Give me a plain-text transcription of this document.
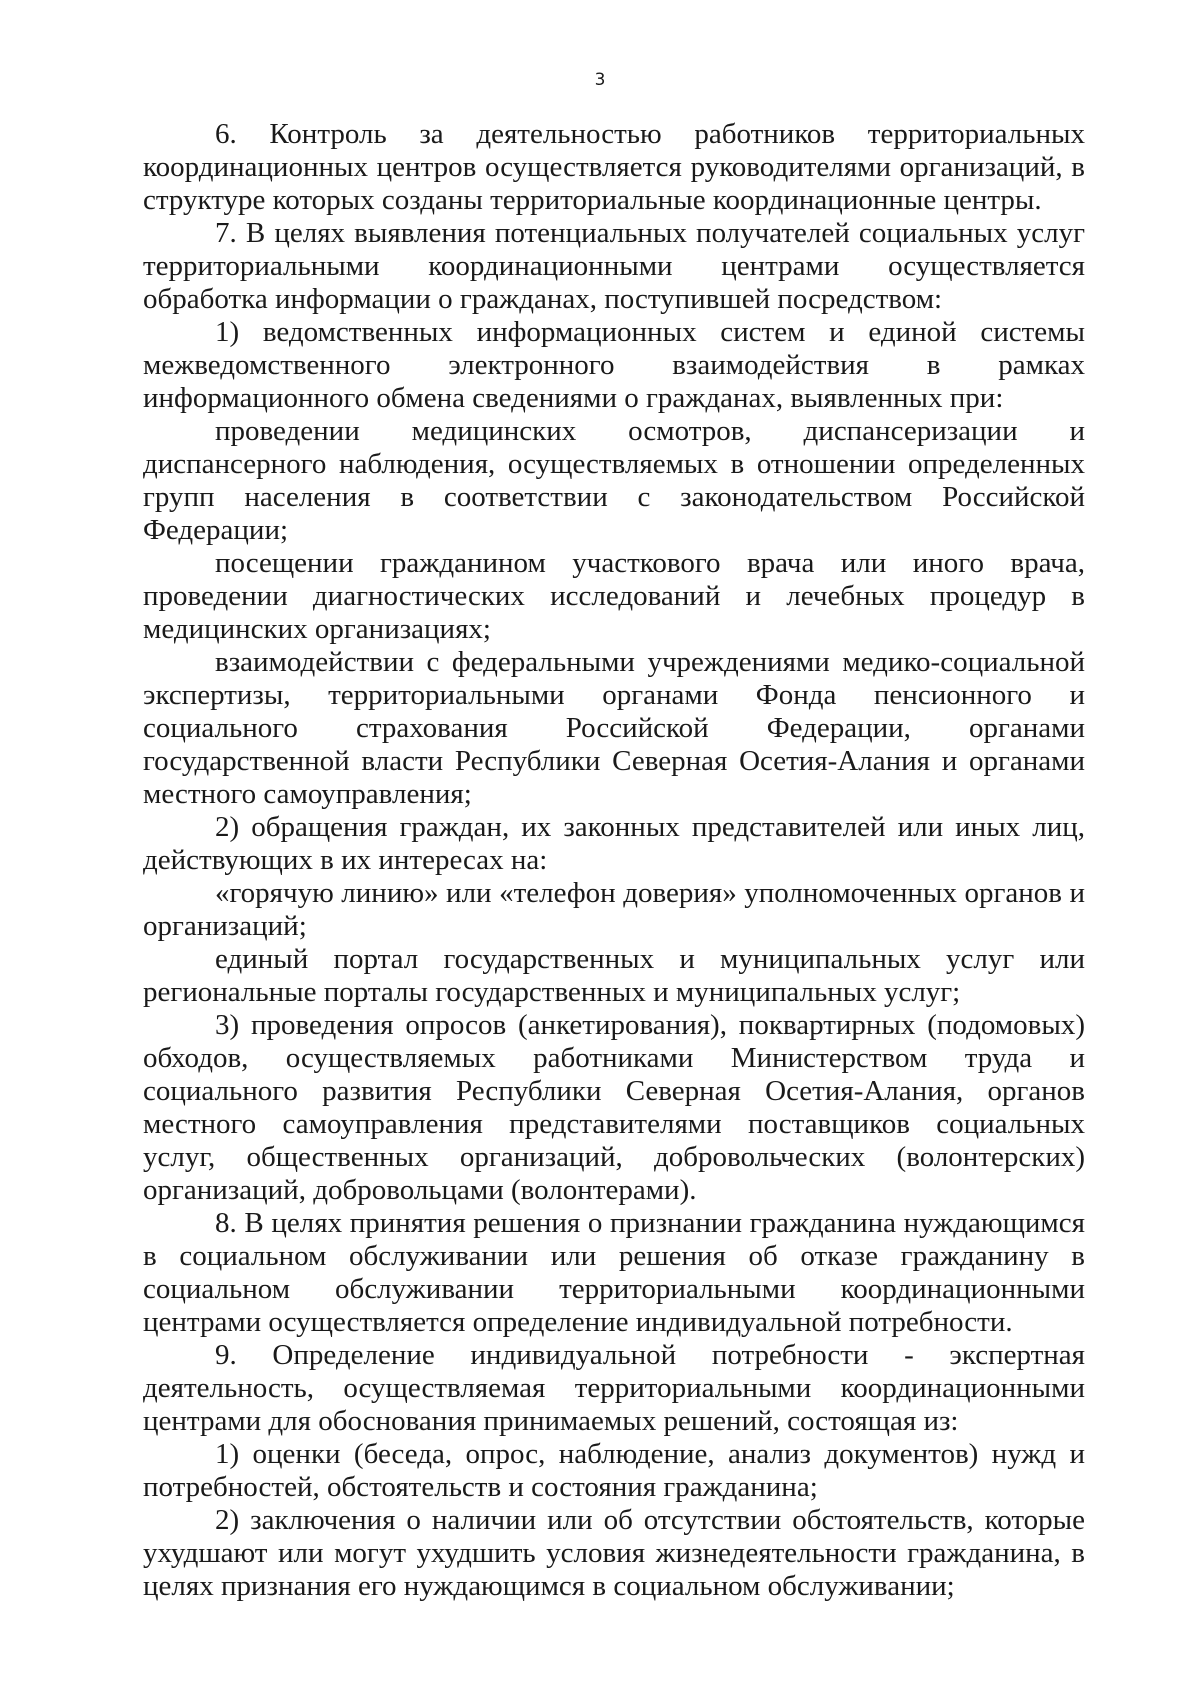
3

6. Контроль за деятельностью работников территориальных координационных центров осуществляется руководителями организаций, в структуре которых созданы территориальные координационные центры.

7. В целях выявления потенциальных получателей социальных услуг территориальными координационными центрами осуществляется обработка информации о гражданах, поступившей посредством:

1) ведомственных информационных систем и единой системы межведомственного электронного взаимодействия в рамках информационного обмена сведениями о гражданах, выявленных при:

проведении медицинских осмотров, диспансеризации и диспансерного наблюдения, осуществляемых в отношении определенных групп населения в соответствии с законодательством Российской Федерации;

посещении гражданином участкового врача или иного врача, проведении диагностических исследований и лечебных процедур в медицинских организациях;

взаимодействии с федеральными учреждениями медико-социальной экспертизы, территориальными органами Фонда пенсионного и социального страхования Российской Федерации, органами государственной власти Республики Северная Осетия-Алания и органами местного самоуправления;

2) обращения граждан, их законных представителей или иных лиц, действующих в их интересах на:

«горячую линию» или «телефон доверия» уполномоченных органов и организаций;

единый портал государственных и муниципальных услуг или региональные порталы государственных и муниципальных услуг;

3) проведения опросов (анкетирования), поквартирных (подомовых) обходов, осуществляемых работниками Министерством труда и социального развития Республики Северная Осетия-Алания, органов местного самоуправления представителями поставщиков социальных услуг, общественных организаций, добровольческих (волонтерских) организаций, добровольцами (волонтерами).

8. В целях принятия решения о признании гражданина нуждающимся в социальном обслуживании или решения об отказе гражданину в социальном обслуживании территориальными координационными центрами осуществляется определение индивидуальной потребности.

9. Определение индивидуальной потребности - экспертная деятельность, осуществляемая территориальными координационными центрами для обоснования принимаемых решений, состоящая из:

1) оценки (беседа, опрос, наблюдение, анализ документов) нужд и потребностей, обстоятельств и состояния гражданина;

2) заключения о наличии или об отсутствии обстоятельств, которые ухудшают или могут ухудшить условия жизнедеятельности гражданина, в целях признания его нуждающимся в социальном обслуживании;
